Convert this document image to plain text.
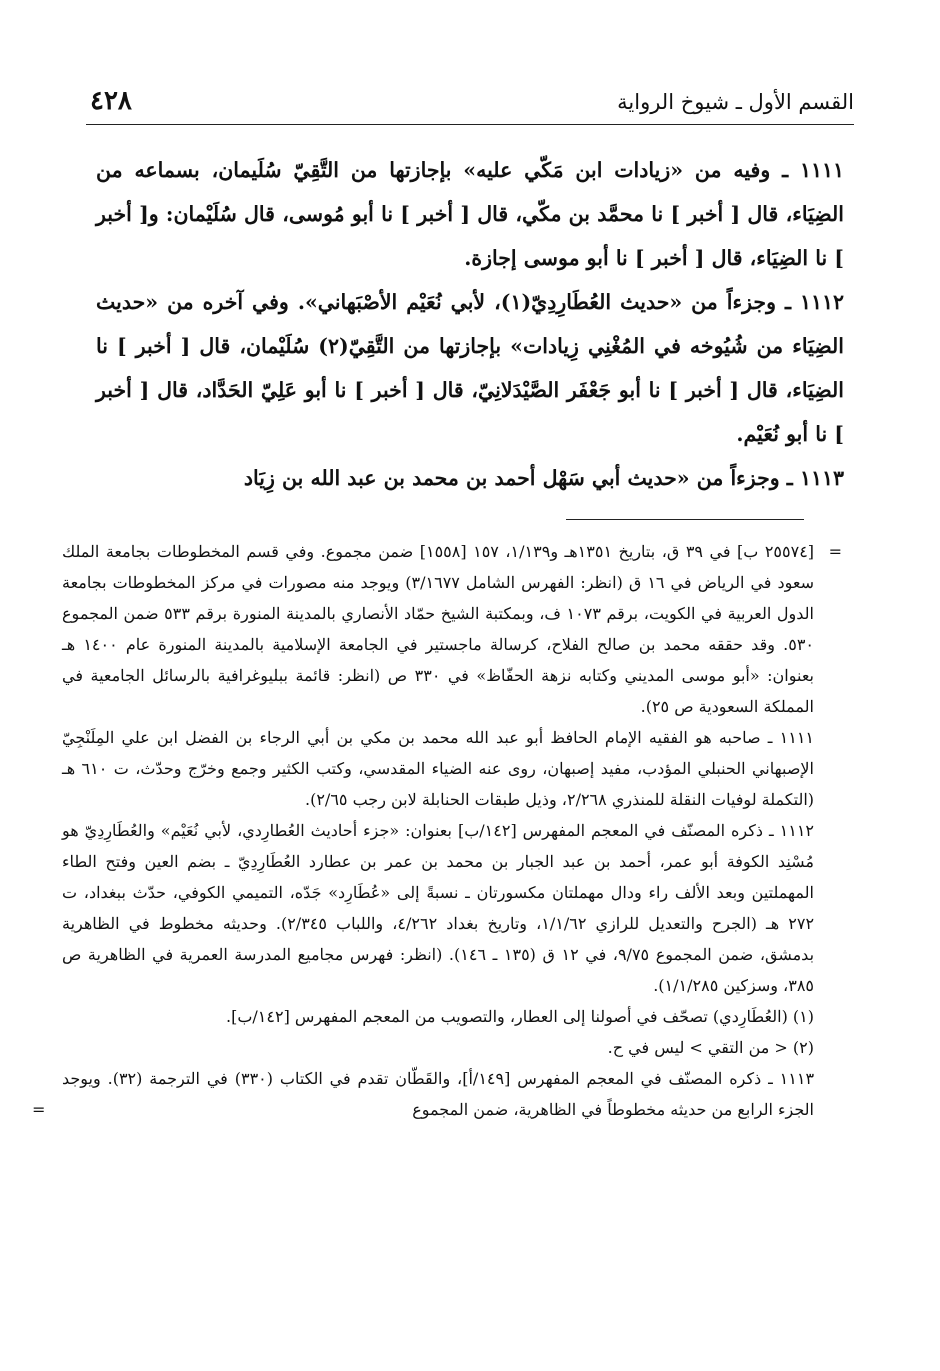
القسم الأول ـ شيوخ الرواية
٤٢٨

١١١١ ـ وفيه من «زيادات ابن مَكّي عليه» بإجازتها من التَّقِيّ سُلَيمان، بسماعه من الضِيَاء، قال [ أخبر ] نا محمَّد بن مكّي، قال [ أخبر ] نا أبو مُوسى، قال سُلَيْمان: و[ أخبر ] نا الضِيَاء، قال [ أخبر ] نا أبو موسى إجازة.

١١١٢ ـ وجزءاً من «حديث العُطَارِدِيّ(١)، لأبي نُعَيْم الأصْبَهاني». وفي آخره من «حديث الضِيَاء من شُيُوخه في المُغْنِي زِيادات» بإجازتها من التَّقِيّ(٢) سُلَيْمان، قال [ أخبر ] نا الضِيَاء، قال [ أخبر ] نا أبو جَعْفَر الصَّيْدَلانِيّ، قال [ أخبر ] نا أبو عَلِيّ الحَدَّاد، قال [ أخبر ] نا أبو نُعَيْم.

١١١٣ ـ وجزءاً من «حديث أبي سَهْل أحمد بن محمد بن عبد الله بن زِيَاد

=

[٢٥٥٧٤ ب] في ٣٩ ق، بتاريخ ١٣٥١هـ و١/١٣٩، ١٥٧ [١٥٥٨] ضمن مجموع. وفي قسم المخطوطات بجامعة الملك سعود في الرياض في ١٦ ق (انظر: الفهرس الشامل ٣/١٦٧٧) ويوجد منه مصورات في مركز المخطوطات بجامعة الدول العربية في الكويت، برقم ١٠٧٣ ف، وبمكتبة الشيخ حمّاد الأنصاري بالمدينة المنورة برقم ٥٣٣ ضمن المجموع ٥٣٠. وقد حققه محمد بن صالح الفلاح، كرسالة ماجستير في الجامعة الإسلامية بالمدينة المنورة عام ١٤٠٠ هـ بعنوان: «أبو موسى المديني وكتابه نزهة الحفّاظ» في ٣٣٠ ص (انظر: قائمة ببليوغرافية بالرسائل الجامعية في المملكة السعودية ص ٢٥).

١١١١ ـ صاحبه هو الفقيه الإمام الحافظ أبو عبد الله محمد بن مكي بن أبي الرجاء بن الفضل ابن علي المِلَنْجِيّ الإصبهاني الحنبلي المؤدب، مفيد إصبهان، روى عنه الضياء المقدسي، وكتب الكثير وجمع وخرّج وحدّث، ت ٦١٠ هـ (التكملة لوفيات النقلة للمنذري ٢/٢٦٨، وذيل طبقات الحنابلة لابن رجب ٢/٦٥).

١١١٢ ـ ذكره المصنّف في المعجم المفهرس [١٤٢/ب] بعنوان: «جزء أحاديث العُطارِدي، لأبي نُعَيْم» والعُطَارِدِيّ هو مُسْنِد الكوفة أبو عمر، أحمد بن عبد الجبار بن محمد بن عمر بن عطارد العُطَارِدِيّ ـ بضم العين وفتح الطاء المهملتين وبعد الألف راء ودال مهملتان مكسورتان ـ نسبةً إلى «عُطَارِد» جَدّه، التميمي الكوفي، حدّث ببغداد، ت ٢٧٢ هـ (الجرح والتعديل للرازي ١/١/٦٢، وتاريخ بغداد ٤/٢٦٢، واللباب ٢/٣٤٥). وحديثه مخطوط في الظاهرية بدمشق، ضمن المجموع ٩/٧٥، في ١٢ ق (١٣٥ ـ ١٤٦). (انظر: فهرس مجاميع المدرسة العمرية في الظاهرية ص ٣٨٥، وسزكين ١/١/٢٨٥).

(١) (العُطَارِدي) تصحّف في أصولنا إلى العطار، والتصويب من المعجم المفهرس [١٤٢/ب].

(٢) < من التقي > ليس في ح.

١١١٣ ـ ذكره المصنّف في المعجم المفهرس [١٤٩/أ]، والقَطّان تقدم في الكتاب (٣٣٠) في الترجمة (٣٢). ويوجد الجزء الرابع من حديثه مخطوطاً في الظاهرية، ضمن المجموع

=
